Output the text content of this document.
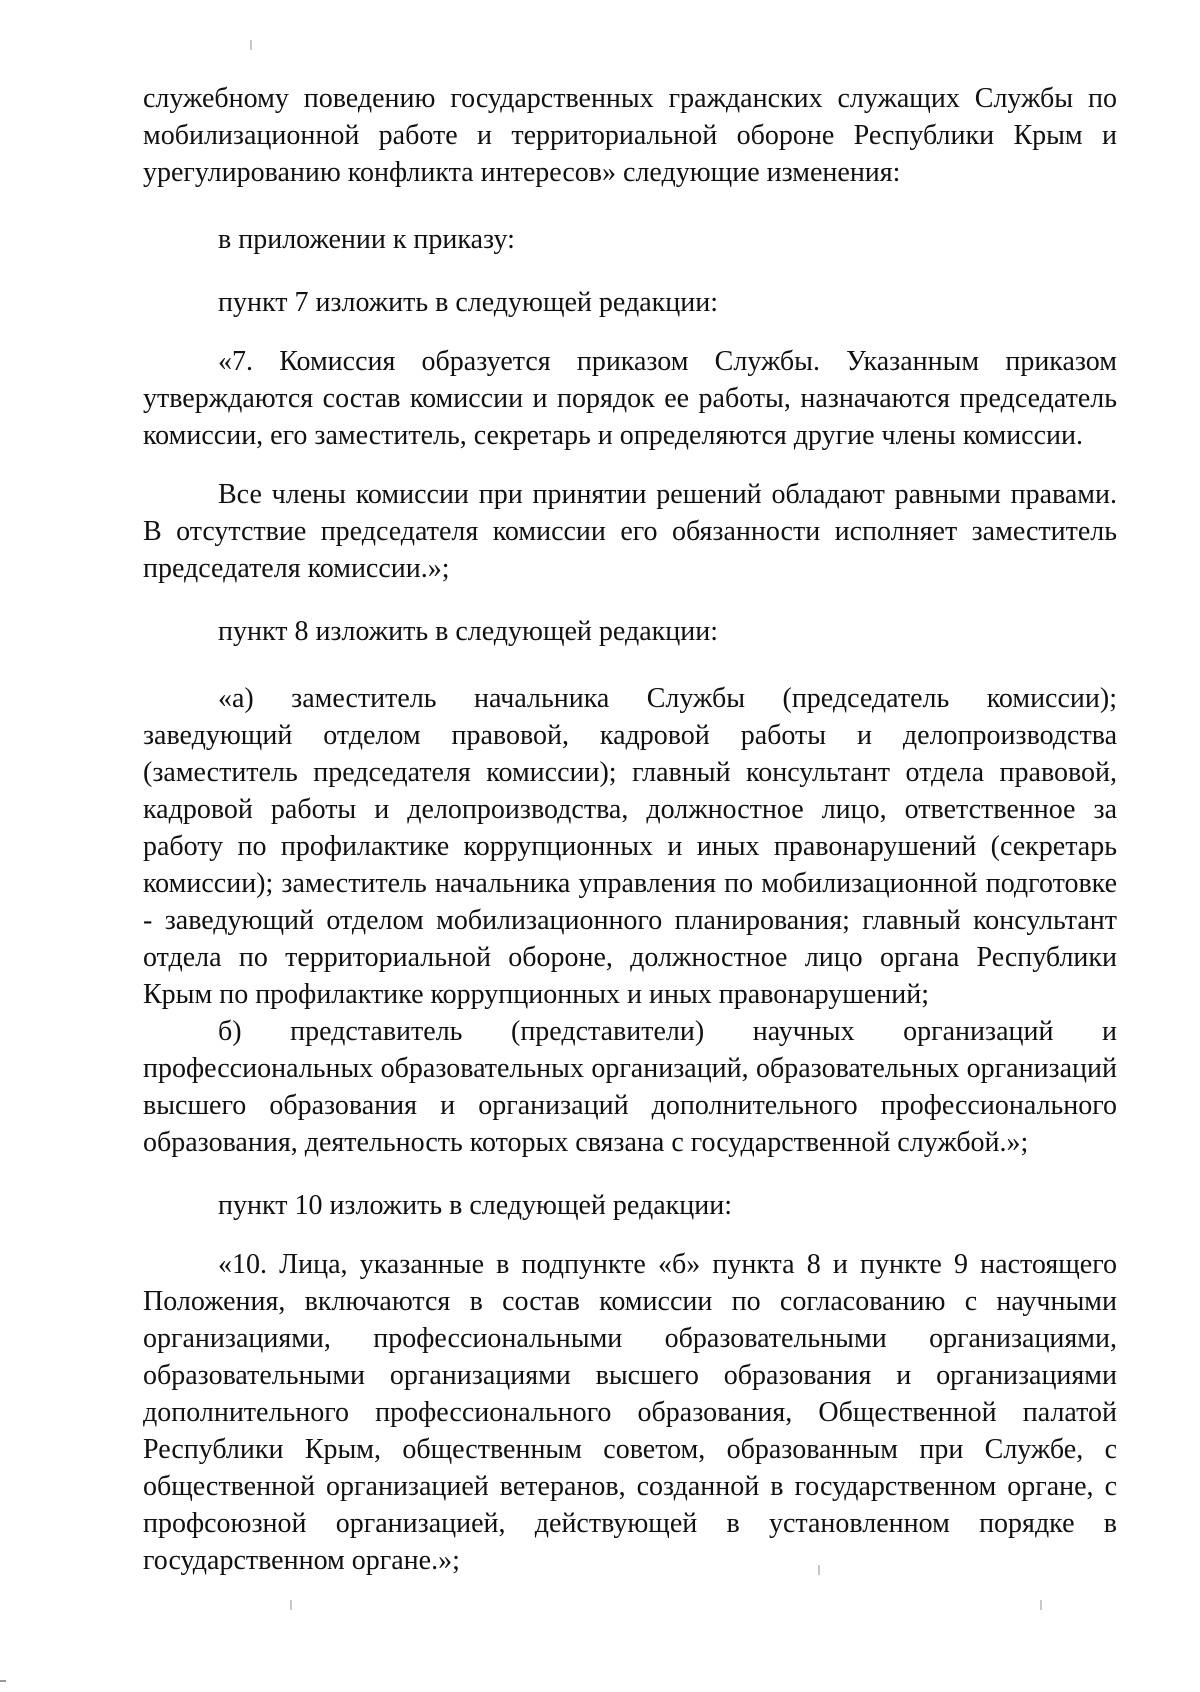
служебному поведению государственных гражданских служащих Службы по мобилизационной работе и территориальной обороне Республики Крым и урегулированию конфликта интересов» следующие изменения:

в приложении к приказу:

пункт 7 изложить в следующей редакции:

«7. Комиссия образуется приказом Службы. Указанным приказом утверждаются состав комиссии и порядок ее работы, назначаются председатель комиссии, его заместитель, секретарь и определяются другие члены комиссии.

Все члены комиссии при принятии решений обладают равными правами. В отсутствие председателя комиссии его обязанности исполняет заместитель председателя комиссии.»;

пункт 8 изложить в следующей редакции:

«а) заместитель начальника Службы (председатель комиссии); заведующий отделом правовой, кадровой работы и делопроизводства (заместитель председателя комиссии); главный консультант отдела правовой, кадровой работы и делопроизводства, должностное лицо, ответственное за работу по профилактике коррупционных и иных правонарушений (секретарь комиссии); заместитель начальника управления по мобилизационной подготовке - заведующий отделом мобилизационного планирования; главный консультант отдела по территориальной обороне, должностное лицо органа Республики Крым по профилактике коррупционных и иных правонарушений;

б) представитель (представители) научных организаций и профессиональных образовательных организаций, образовательных организаций высшего образования и организаций дополнительного профессионального образования, деятельность которых связана с государственной службой.»;

пункт 10 изложить в следующей редакции:

«10. Лица, указанные в подпункте «б» пункта 8 и пункте 9 настоящего Положения, включаются в состав комиссии по согласованию с научными организациями, профессиональными образовательными организациями, образовательными организациями высшего образования и организациями дополнительного профессионального образования, Общественной палатой Республики Крым, общественным советом, образованным при Службе, с общественной организацией ветеранов, созданной в государственном органе, с профсоюзной организацией, действующей в установленном порядке в государственном органе.»;
